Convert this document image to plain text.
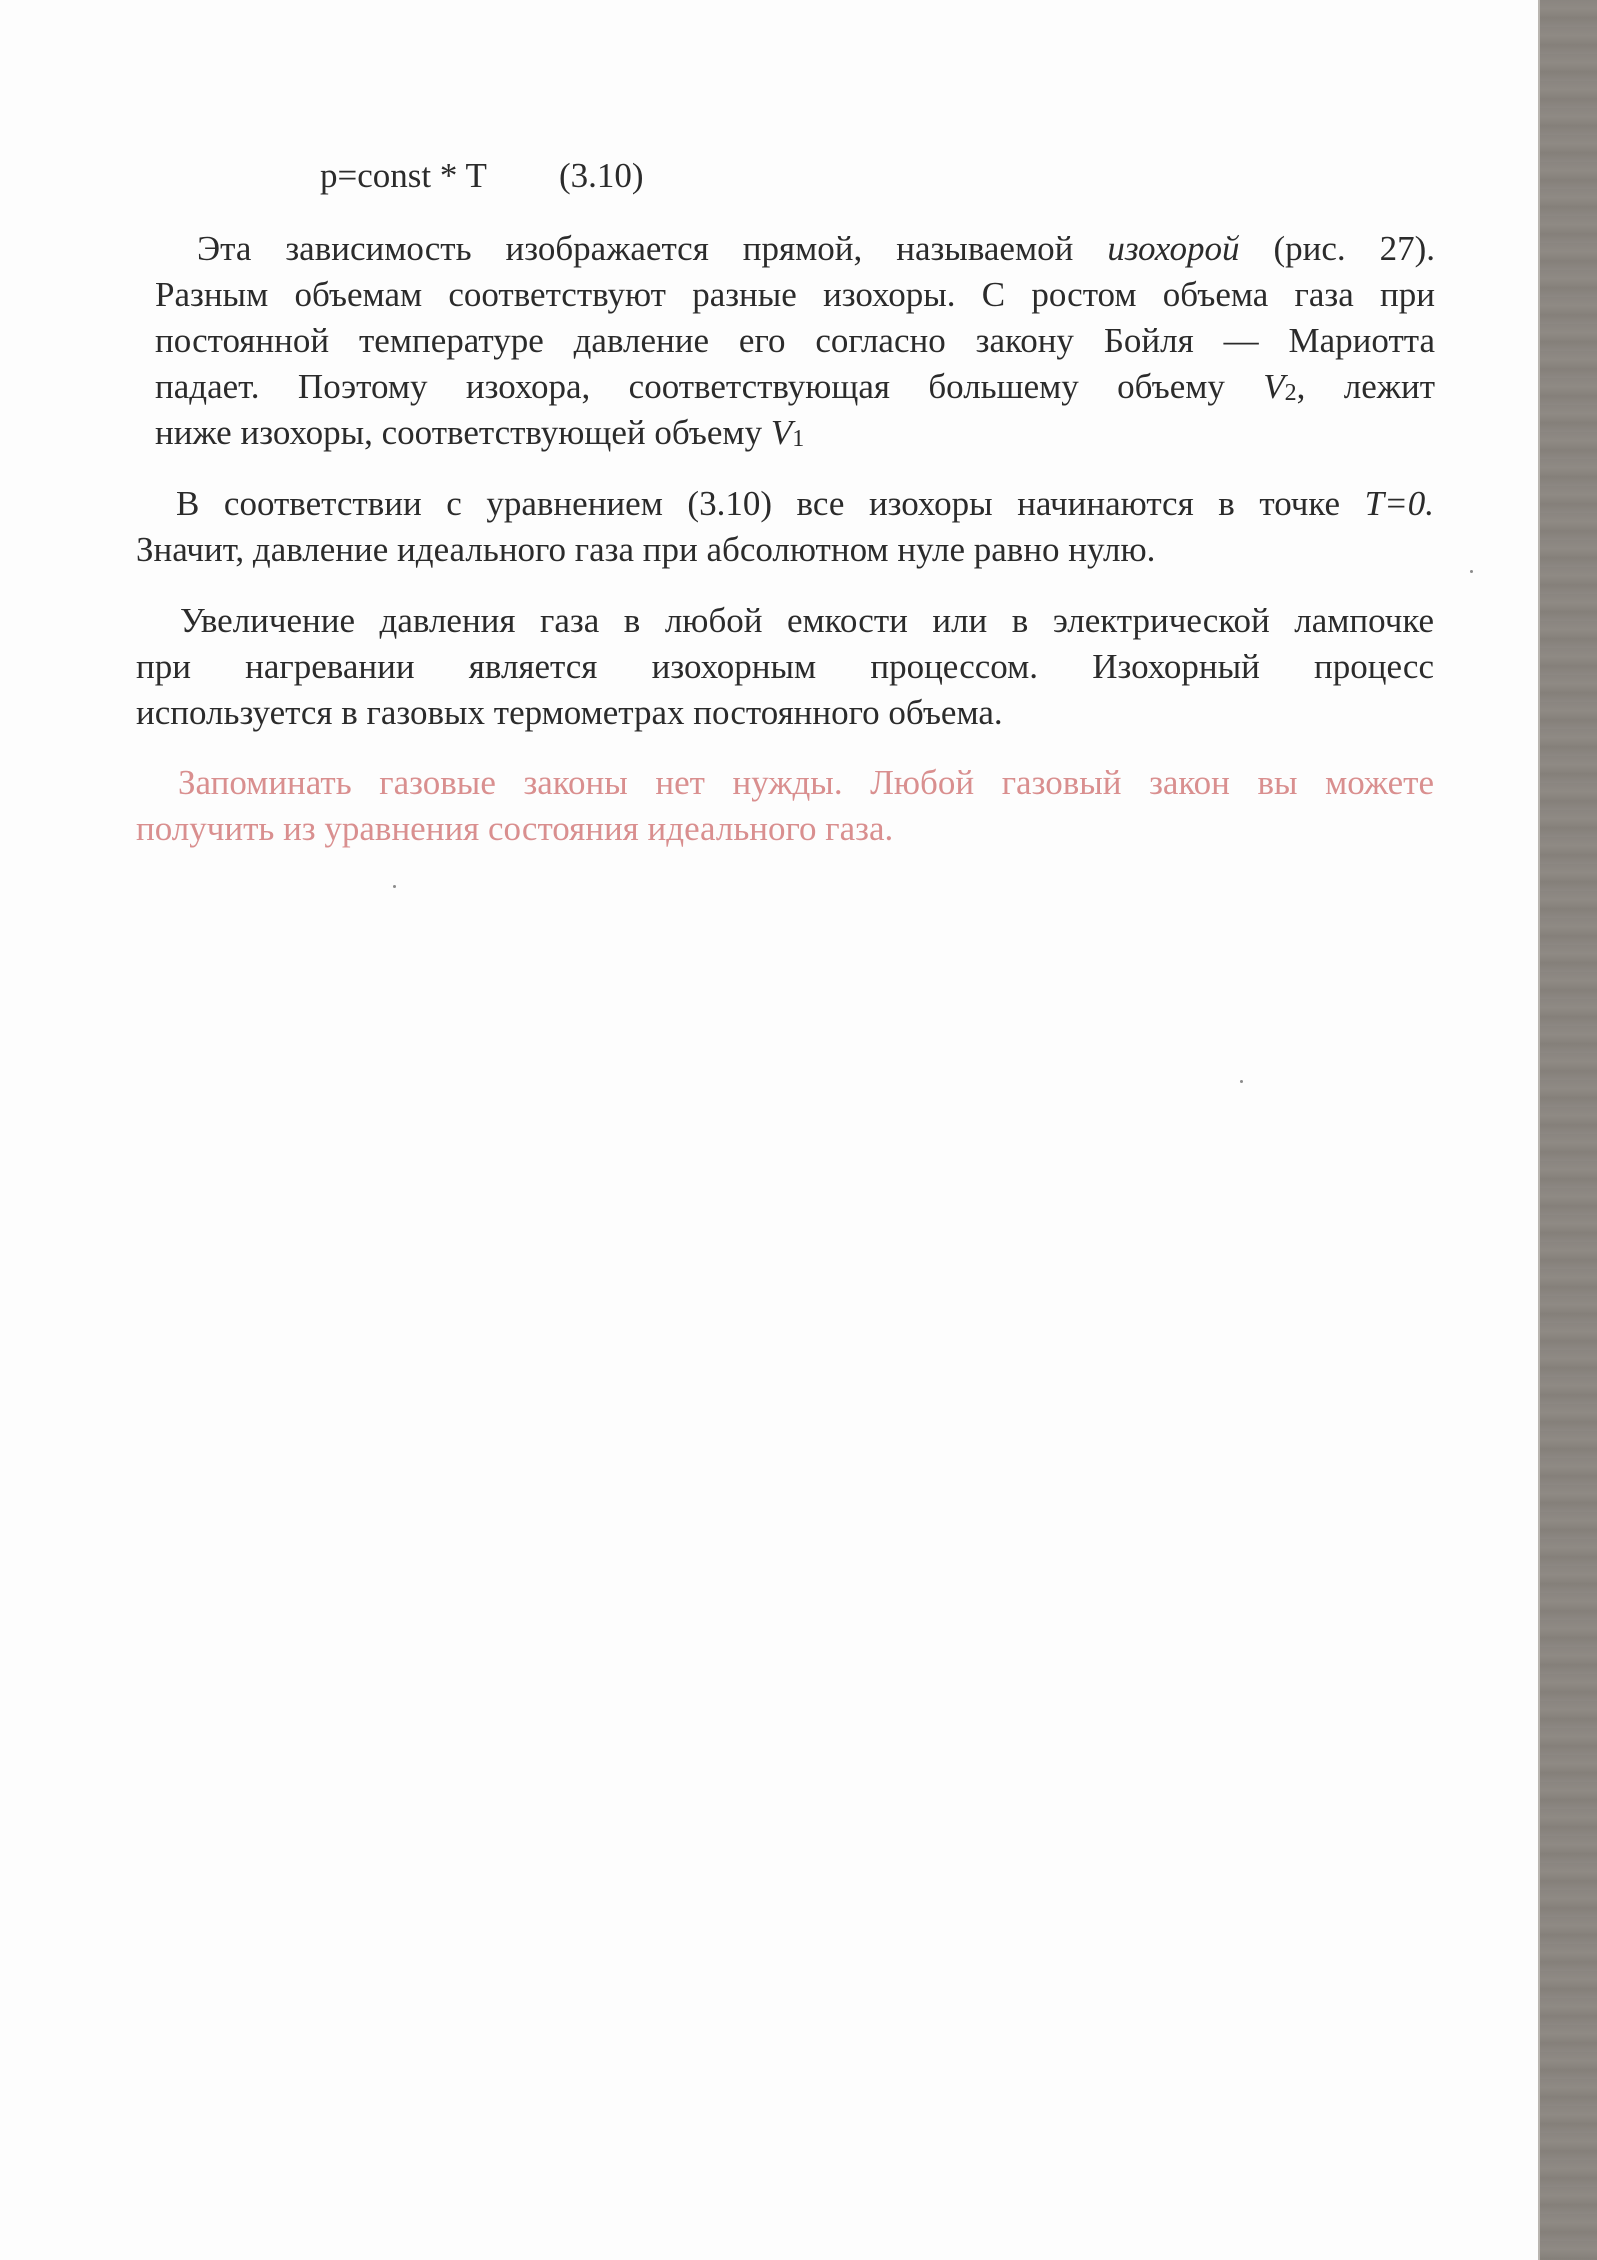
p=const * T (3.10)

Эта зависимость изображается прямой, называемой изохорой (рис. 27).
Разным объемам соответствуют разные изохоры. С ростом объема газа при
постоянной температуре давление его согласно закону Бойля — Мариотта
падает. Поэтому изохора, соответствующая большему объему $V_2$, лежит
ниже изохоры, соответствующей объему $V_1$

В соответствии с уравнением (3.10) все изохоры начинаются в точке T=0.
Значит, давление идеального газа при абсолютном нуле равно нулю.

Увеличение давления газа в любой емкости или в электрической лампочке
при нагревании является изохорным процессом. Изохорный процесс
используется в газовых термометрах постоянного объема.

Запоминать газовые законы нет нужды. Любой газовый закон вы можете
получить из уравнения состояния идеального газа.
